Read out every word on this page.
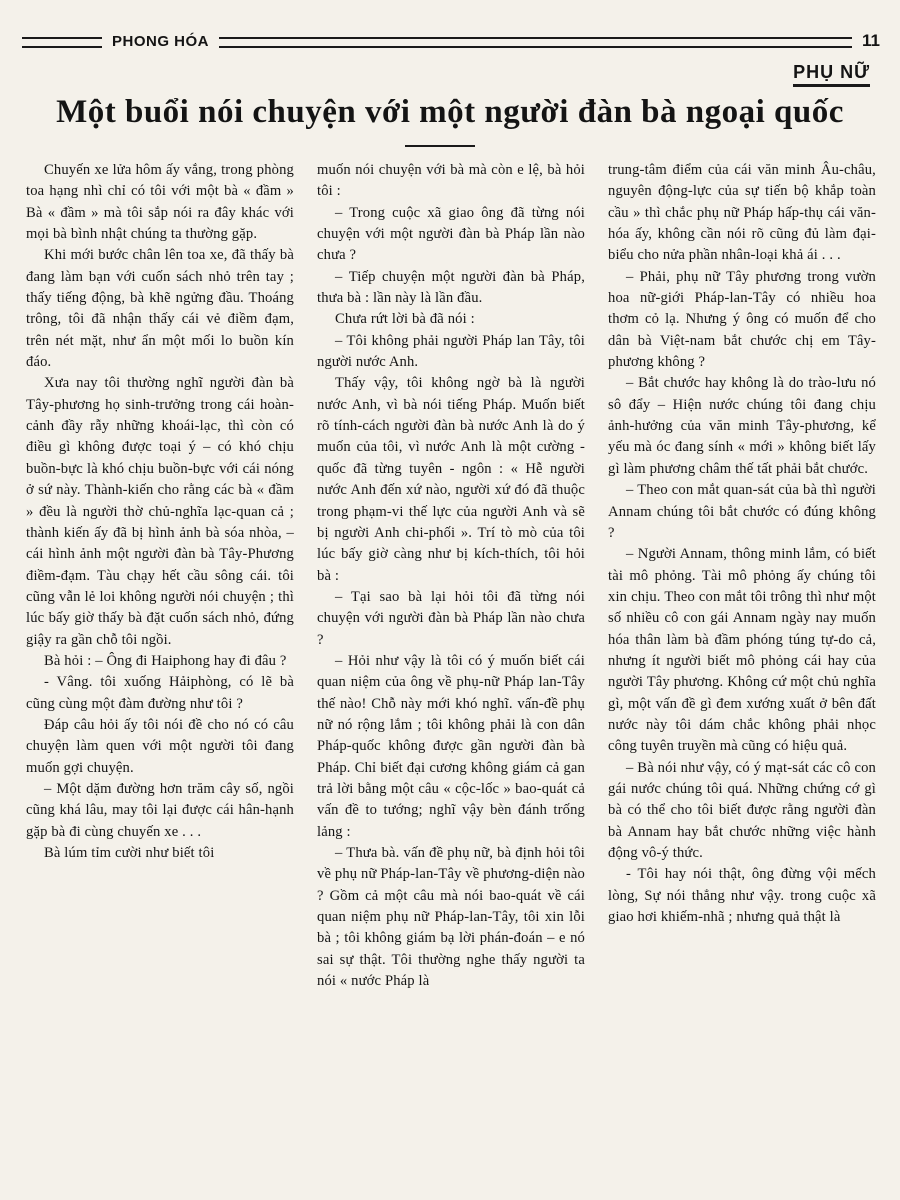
PHONG HÓA	11
PHỤ NỮ
Một buổi nói chuyện với một người đàn bà ngoại quốc

Chuyến xe lửa hôm ấy vắng, trong phòng toa hạng nhì chỉ có tôi với một bà « đầm » Bà « đầm » mà tôi sắp nói ra đây khác với mọi bà bình nhật chúng ta thường gặp.

Khi mới bước chân lên toa xe, đã thấy bà đang làm bạn với cuốn sách nhỏ trên tay ; thấy tiếng động, bà khẽ ngửng đầu. Thoáng trông, tôi đã nhận thấy cái vẻ điềm đạm, trên nét mặt, như ẩn một mối lo buồn kín đáo.

Xưa nay tôi thường nghĩ người đàn bà Tây-phương họ sinh-trưởng trong cái hoàn-cảnh đầy rẫy những khoái-lạc, thì còn có điều gì không được toại ý – có khó chịu buồn-bực là khó chịu buồn-bực với cái nóng ở sứ này. Thành-kiến cho rằng các bà « đầm » đều là người thờ chủ-nghĩa lạc-quan cả ; thành kiến ấy đã bị hình ảnh bà sóa nhòa, – cái hình ảnh một người đàn bà Tây-Phương điềm-đạm. Tàu chạy hết cầu sông cái. tôi cũng vẫn lẻ loi không người nói chuyện ; thì lúc bấy giờ thấy bà đặt cuốn sách nhỏ, đứng giậy ra gần chỗ tôi ngồi.

Bà hỏi : – Ông đi Haiphong hay đi đâu ?

- Vâng. tôi xuống Hảiphòng, có lẽ bà cũng cùng một đàm đường như tôi ?

Đáp câu hỏi ấy tôi nói đề cho nó có câu chuyện làm quen với một người tôi đang muốn gợi chuyện.

– Một dặm đường hơn trăm cây số, ngồi cũng khá lâu, may tôi lại được cái hân-hạnh gặp bà đi cùng chuyến xe . . .

Bà lúm tỉm cười như biết tôi

muốn nói chuyện với bà mà còn e lệ, bà hỏi tôi :

– Trong cuộc xã giao ông đã từng nói chuyện với một người đàn bà Pháp lần nào chưa ?

– Tiếp chuyện một người đàn bà Pháp, thưa bà : lần này là lần đầu.

Chưa rứt lời bà đã nói :

– Tôi không phải người Pháp lan Tây, tôi người nước Anh.

Thấy vậy, tôi không ngờ bà là người nước Anh, vì bà nói tiếng Pháp. Muốn biết rõ tính-cách người đàn bà nước Anh là do ý muốn của tôi, vì nước Anh là một cường - quốc đã từng tuyên - ngôn : « Hễ người nước Anh đến xứ nào, người xứ đó đã thuộc trong phạm-vi thế lực của người Anh và sẽ bị người Anh chi-phối ». Trí tò mò của tôi lúc bấy giờ càng như bị kích-thích, tôi hỏi bà :

– Tại sao bà lại hỏi tôi đã từng nói chuyện với người đàn bà Pháp lần nào chưa ?

– Hỏi như vậy là tôi có ý muốn biết cái quan niệm của ông về phụ-nữ Pháp lan-Tây thế nào! Chỗ này mới khó nghĩ. vấn-đề phụ nữ nó rộng lắm ; tôi không phải là con dân Pháp-quốc không được gần người đàn bà Pháp. Chỉ biết đại cương không giám cả gan trả lời bằng một câu « cộc-lốc » bao-quát cả vấn đề to tướng; nghĩ vậy bèn đánh trống lảng :

– Thưa bà. vấn đề phụ nữ, bà định hỏi tôi về phụ nữ Pháp-lan-Tây về phương-diện nào ? Gồm cả một câu mà nói bao-quát về cái quan niệm phụ nữ Pháp-lan-Tây, tôi xin lỗi bà ; tôi không giám bạ lời phán-đoán – e nó sai sự thật. Tôi thường nghe thấy người ta nói « nước Pháp là

trung-tâm điểm của cái văn minh Âu-châu, nguyên động-lực của sự tiến bộ khắp toàn cầu » thì chắc phụ nữ Pháp hấp-thụ cái văn-hóa ấy, không cần nói rõ cũng đủ làm đại-biểu cho nửa phần nhân-loại khả ái . . .

– Phải, phụ nữ Tây phương trong vườn hoa nữ-giới Pháp-lan-Tây có nhiều hoa thơm cỏ lạ. Nhưng ý ông có muốn để cho dân bà Việt-nam bắt chước chị em Tây-phương không ?

– Bắt chước hay không là do trào-lưu nó sô đẩy – Hiện nước chúng tôi đang chịu ảnh-hưởng của văn minh Tây-phương, kể yếu mà óc đang sính « mới » không biết lấy gì làm phương châm thế tất phải bắt chước.

– Theo con mắt quan-sát của bà thì người Annam chúng tôi bắt chước có đúng không ?

– Người Annam, thông minh lắm, có biết tài mô phỏng. Tài mô phỏng ấy chúng tôi xin chịu. Theo con mắt tôi trông thì như một số nhiều cô con gái Annam ngày nay muốn hóa thân làm bà đầm phóng túng tự-do cả, nhưng ít người biết mô phỏng cái hay của người Tây phương. Không cứ một chủ nghĩa gì, một vấn đề gì đem xướng xuất ở bên đất nước này tôi dám chắc không phải nhọc công tuyên truyền mà cũng có hiệu quả.

– Bà nói như vậy, có ý mạt-sát các cô con gái nước chúng tôi quá. Những chứng cớ gì bà có thể cho tôi biết được rằng người đàn bà Annam hay bắt chước những việc hành động vô-ý thức.

- Tôi hay nói thật, ông đừng vội mếch lòng, Sự nói thẳng như vậy. trong cuộc xã giao hơi khiếm-nhã ; nhưng quả thật là
